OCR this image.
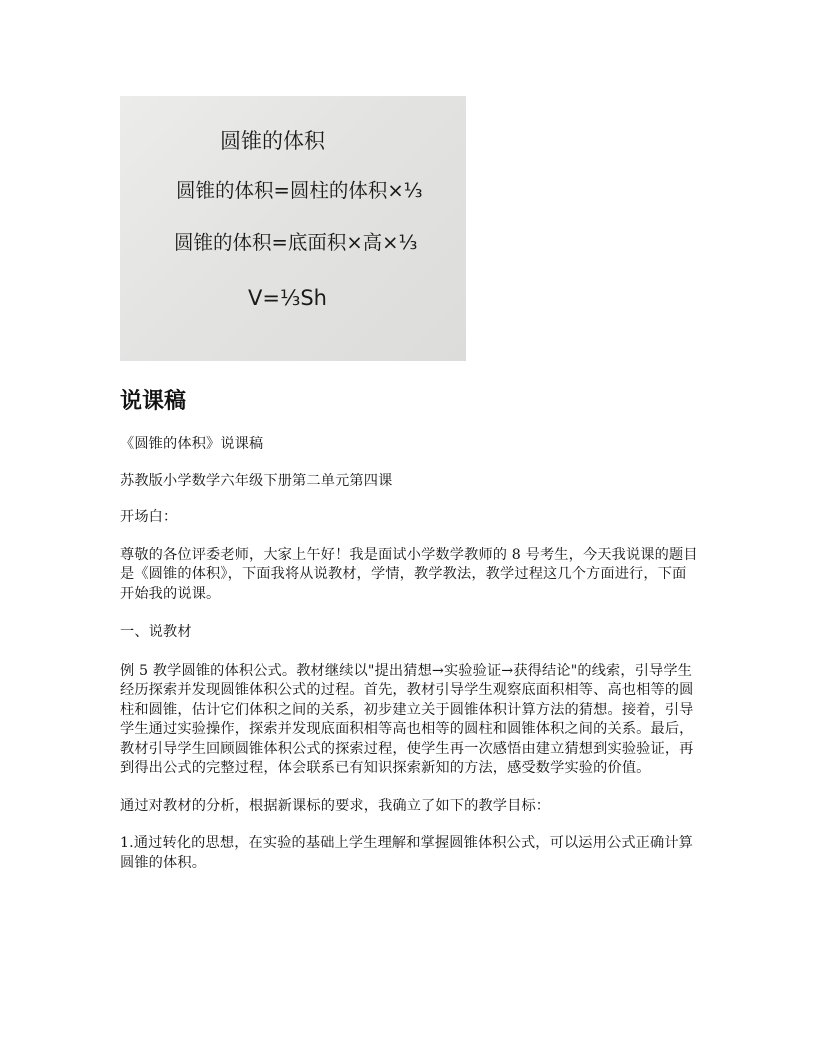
圆锥的体积
圆锥的体积=圆柱的体积×⅓
圆锥的体积=底面积×高×⅓
V=⅓Sh
说课稿

《圆锥的体积》说课稿

苏教版小学数学六年级下册第二单元第四课

开场白：

尊敬的各位评委老师，大家上午好！我是面试小学数学教师的 8 号考生，今天我说课的题目是《圆锥的体积》，下面我将从说教材，学情，教学教法，教学过程这几个方面进行，下面开始我的说课。

一、说教材

例 5 教学圆锥的体积公式。教材继续以"提出猜想→实验验证→获得结论"的线索，引导学生经历探索并发现圆锥体积公式的过程。首先，教材引导学生观察底面积相等、高也相等的圆柱和圆锥，估计它们体积之间的关系，初步建立关于圆锥体积计算方法的猜想。接着，引导学生通过实验操作，探索并发现底面积相等高也相等的圆柱和圆锥体积之间的关系。最后，教材引导学生回顾圆锥体积公式的探索过程，使学生再一次感悟由建立猜想到实验验证，再到得出公式的完整过程，体会联系已有知识探索新知的方法，感受数学实验的价值。

通过对教材的分析，根据新课标的要求，我确立了如下的教学目标：

1.通过转化的思想，在实验的基础上学生理解和掌握圆锥体积公式，可以运用公式正确计算圆锥的体积。
